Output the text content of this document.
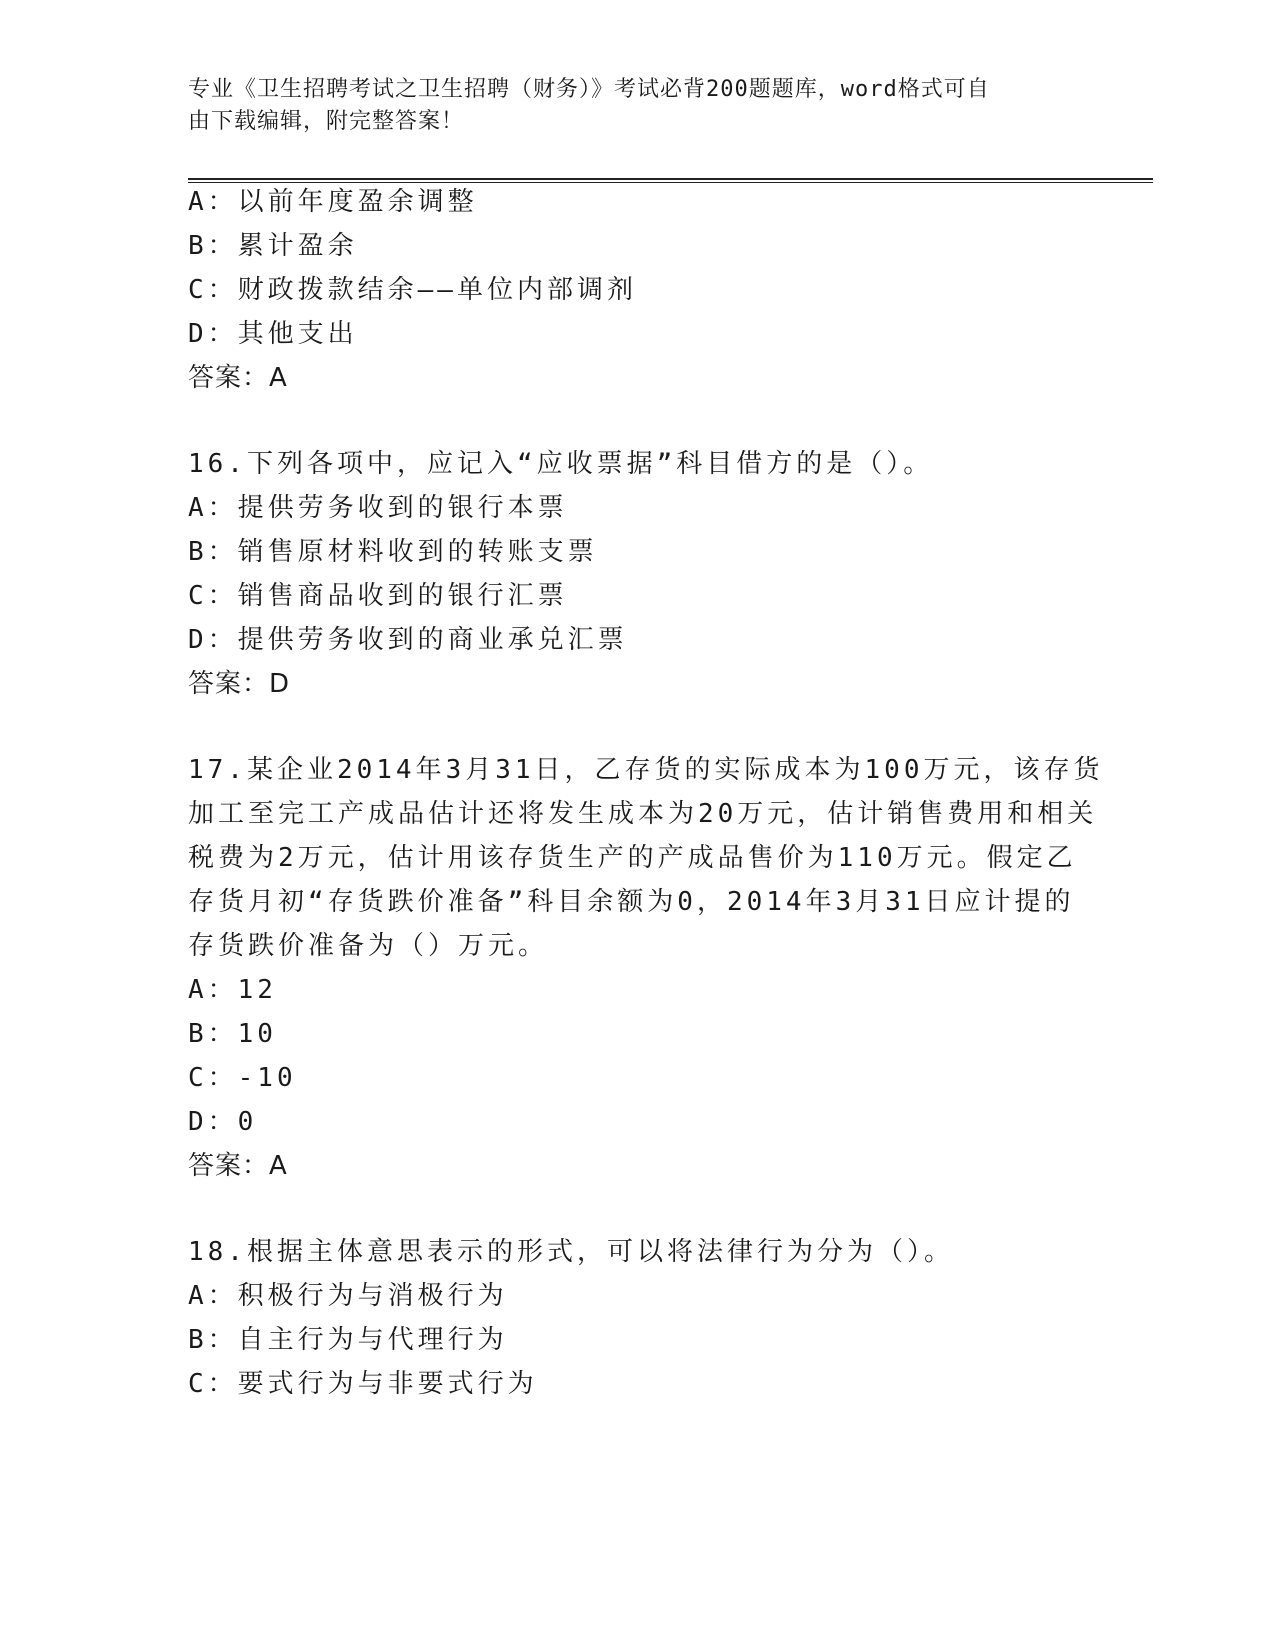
专业《卫生招聘考试之卫生招聘（财务）》考试必背200题题库，word格式可自
由下载编辑，附完整答案！
A：以前年度盈余调整
B：累计盈余
C：财政拨款结余——单位内部调剂
D：其他支出
答案：A
16.下列各项中，应记入“应收票据”科目借方的是（）。
A：提供劳务收到的银行本票
B：销售原材料收到的转账支票
C：销售商品收到的银行汇票
D：提供劳务收到的商业承兑汇票
答案：D
17.某企业2014年3月31日，乙存货的实际成本为100万元，该存货
加工至完工产成品估计还将发生成本为20万元，估计销售费用和相关
税费为2万元，估计用该存货生产的产成品售价为110万元。假定乙
存货月初“存货跌价准备”科目余额为0，2014年3月31日应计提的
存货跌价准备为（）万元。
A：12
B：10
C：-10
D：0
答案：A
18.根据主体意思表示的形式，可以将法律行为分为（）。
A：积极行为与消极行为
B：自主行为与代理行为
C：要式行为与非要式行为
